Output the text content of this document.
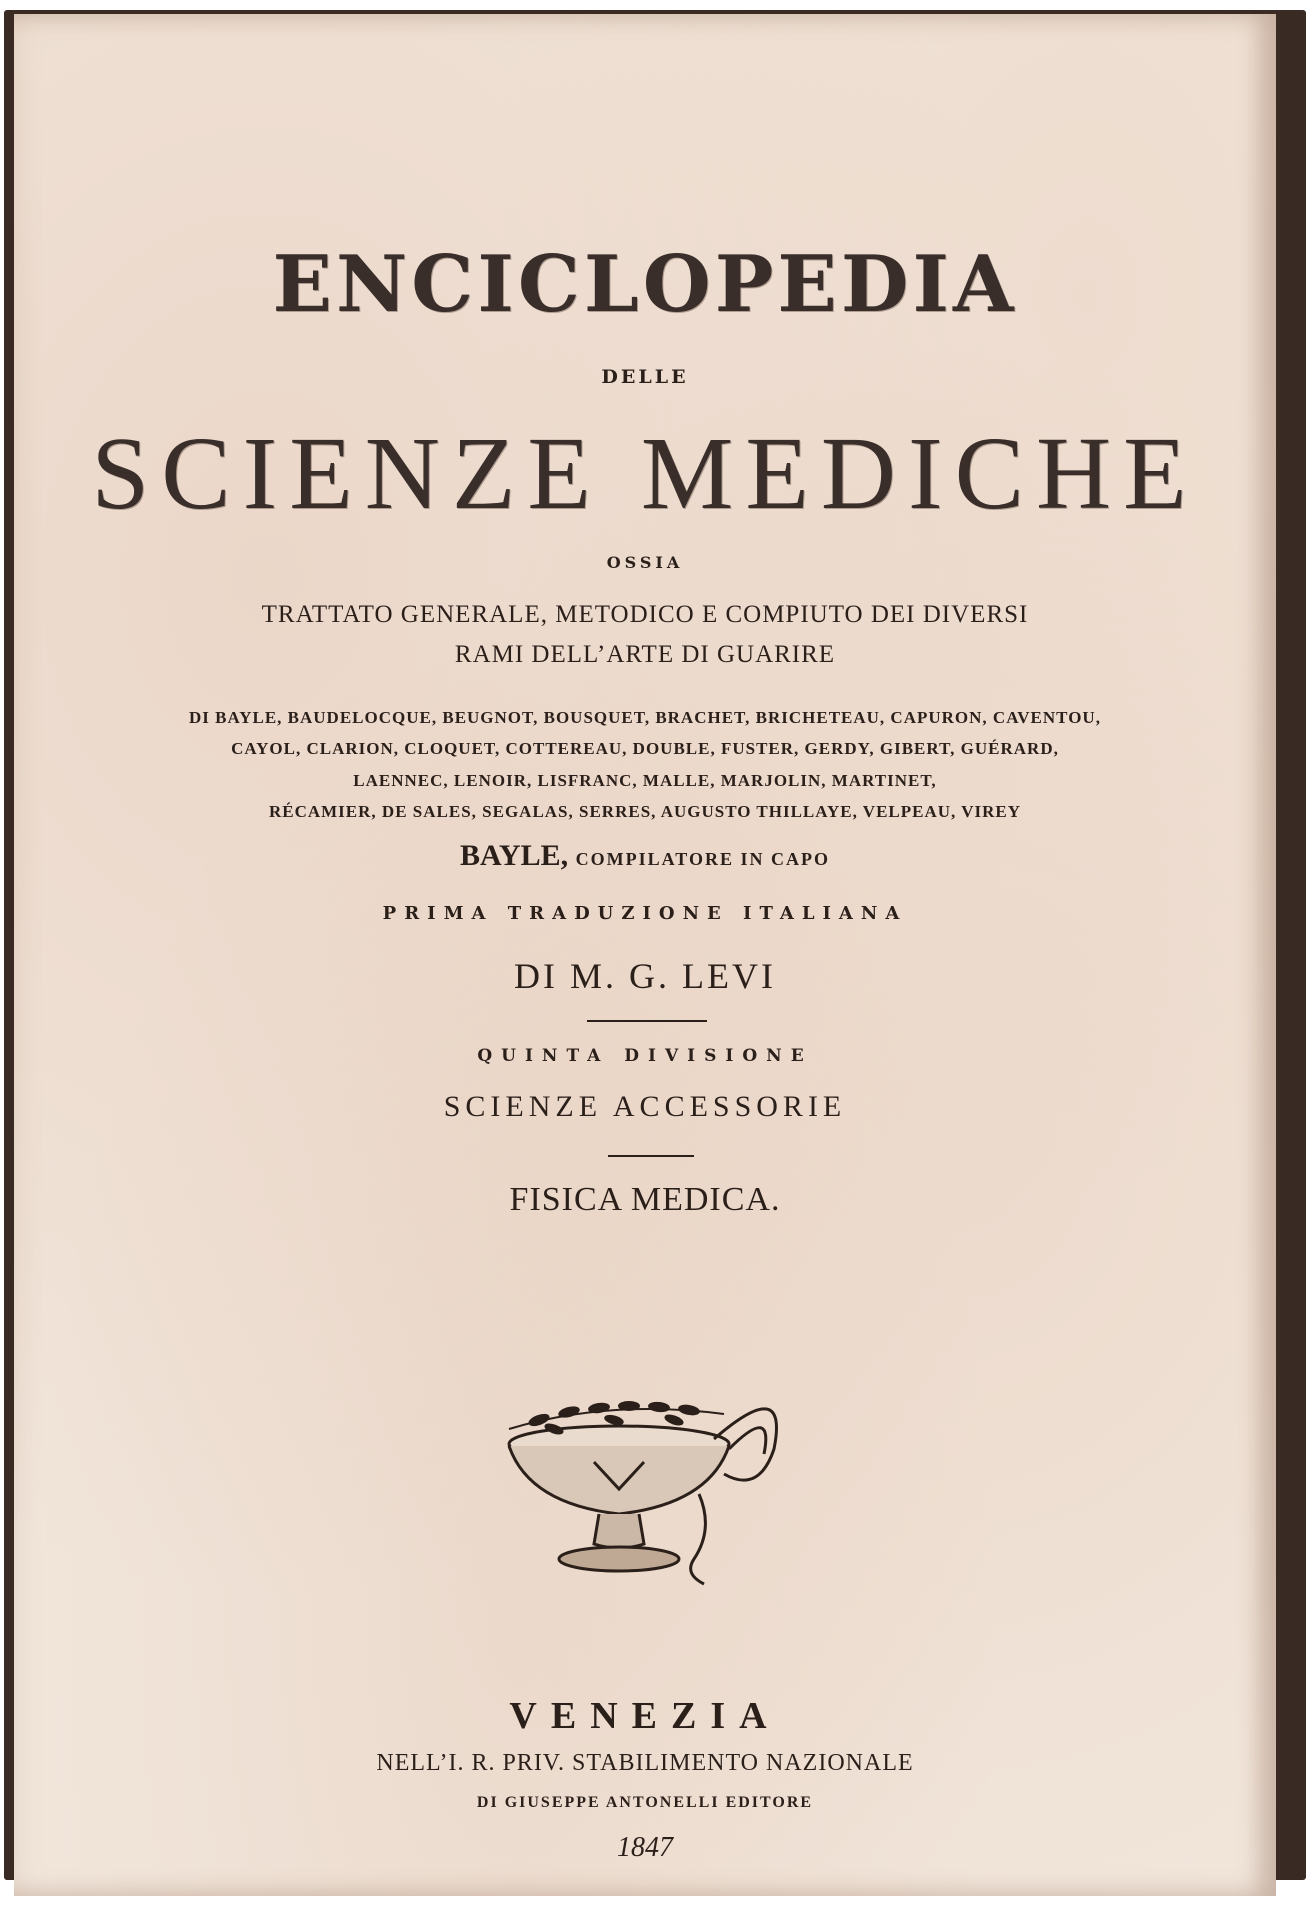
ENCICLOPEDIA

DELLE

SCIENZE MEDICHE

OSSIA

TRATTATO GENERALE, METODICO E COMPIUTO DEI DIVERSI

RAMI DELL’ARTE DI GUARIRE

DI BAYLE, BAUDELOCQUE, BEUGNOT, BOUSQUET, BRACHET, BRICHETEAU, CAPURON, CAVENTOU,

CAYOL, CLARION, CLOQUET, COTTEREAU, DOUBLE, FUSTER, GERDY, GIBERT, GUÉRARD,

LAENNEC, LENOIR, LISFRANC, MALLE, MARJOLIN, MARTINET,

RÉCAMIER, DE SALES, SEGALAS, SERRES, AUGUSTO THILLAYE, VELPEAU, VIREY

BAYLE, COMPILATORE IN CAPO

PRIMA TRADUZIONE ITALIANA

DI M. G. LEVI

QUINTA DIVISIONE

SCIENZE ACCESSORIE

FISICA MEDICA.

VENEZIA

NELL’I. R. PRIV. STABILIMENTO NAZIONALE

DI GIUSEPPE ANTONELLI EDITORE

1847
